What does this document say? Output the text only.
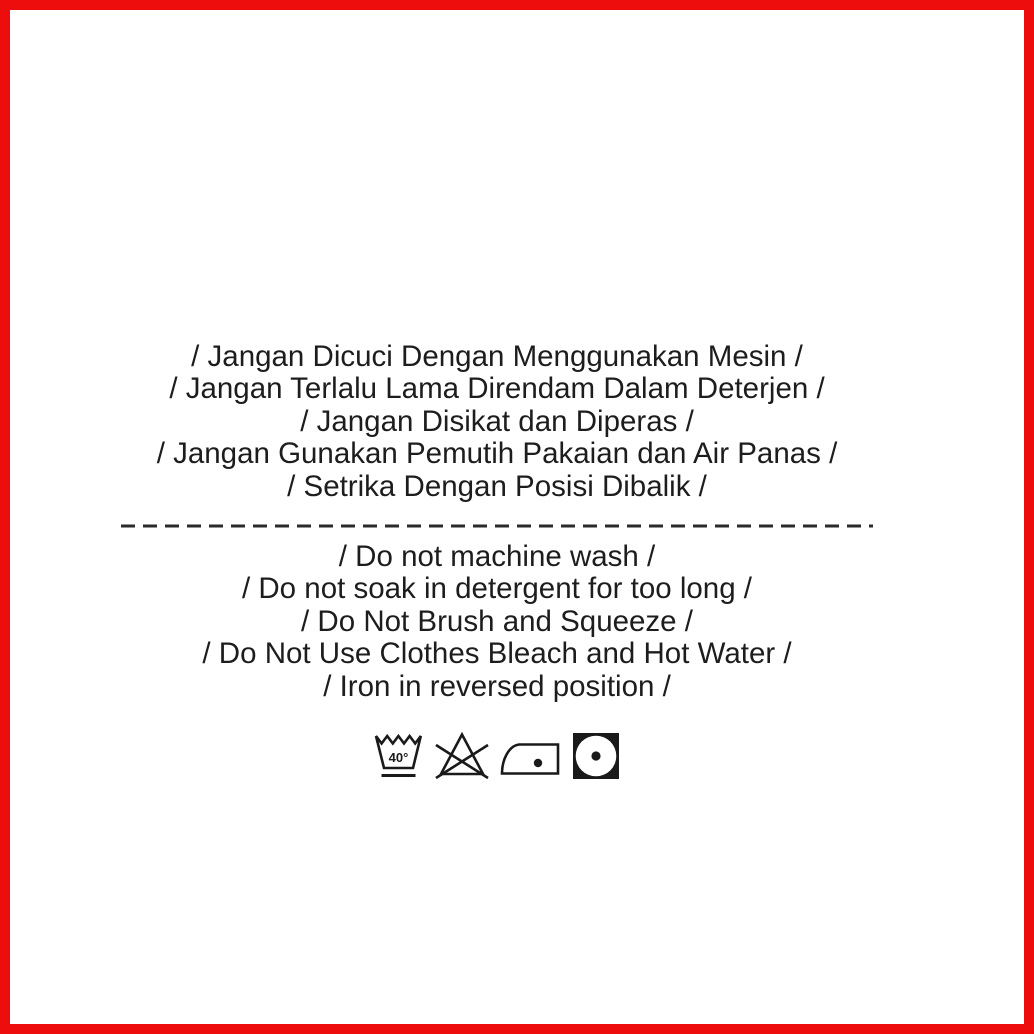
/ Jangan Dicuci Dengan Menggunakan Mesin /
/ Jangan Terlalu Lama Direndam Dalam Deterjen /
/ Jangan Disikat dan Diperas /
/ Jangan Gunakan Pemutih Pakaian dan Air Panas /
/ Setrika Dengan Posisi Dibalik /
/ Do not machine wash /
/ Do not soak in detergent for too long /
/ Do Not Brush and Squeeze /
/ Do Not Use Clothes Bleach and Hot Water /
/ Iron in reversed position /
40°
